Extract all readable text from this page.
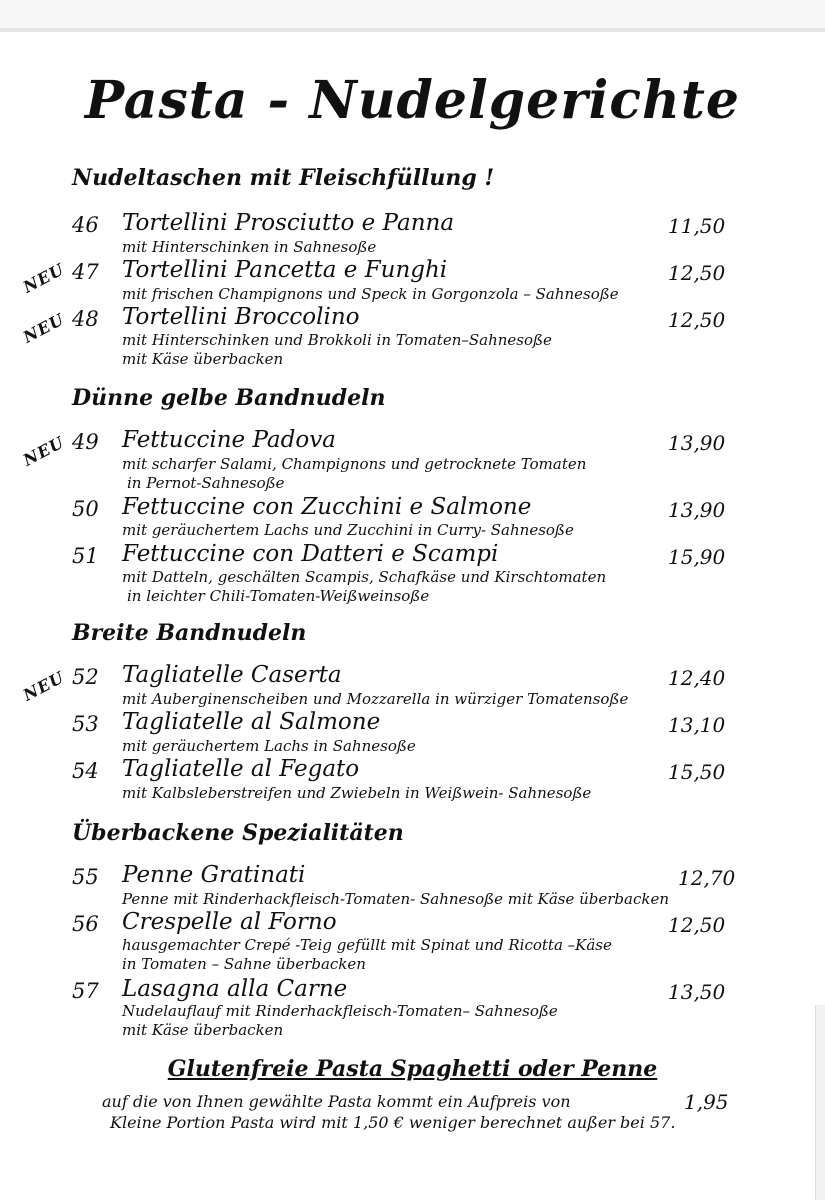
Pasta - Nudelgerichte
Nudeltaschen mit Fleischfüllung !
46 Tortellini Prosciutto e Panna	11,50
mit Hinterschinken in Sahnesoße
NEU 47 Tortellini Pancetta e Funghi	12,50
mit frischen Champignons und Speck in Gorgonzola – Sahnesoße
NEU 48 Tortellini Broccolino	12,50
mit Hinterschinken und Brokkoli in Tomaten–Sahnesoße
mit Käse überbacken
Dünne gelbe Bandnudeln
NEU 49 Fettuccine Padova	13,90
mit scharfer Salami, Champignons und getrocknete Tomaten
in Pernot-Sahnesoße
50 Fettuccine con Zucchini e Salmone	13,90
mit geräuchertem Lachs und Zucchini in Curry- Sahnesoße
51 Fettuccine con Datteri e Scampi	15,90
mit Datteln, geschälten Scampis, Schafkäse und Kirschtomaten
in leichter Chili-Tomaten-Weißweinsoße
Breite Bandnudeln
NEU 52 Tagliatelle Caserta	12,40
mit Auberginenscheiben und Mozzarella in würziger Tomatensoße
53 Tagliatelle al Salmone	13,10
mit geräuchertem Lachs in Sahnesoße
54 Tagliatelle al Fegato	15,50
mit Kalbsleberstreifen und Zwiebeln in Weißwein- Sahnesoße
Überbackene Spezialitäten
55 Penne Gratinati	12,70
Penne mit Rinderhackfleisch-Tomaten- Sahnesoße mit Käse überbacken
56 Crespelle al Forno	12,50
hausgemachter Crepé -Teig gefüllt mit Spinat und Ricotta –Käse
in Tomaten – Sahne überbacken
57 Lasagna alla Carne	13,50
Nudelauflauf mit Rinderhackfleisch-Tomaten– Sahnesoße
mit Käse überbacken
Glutenfreie Pasta Spaghetti oder Penne
auf die von Ihnen gewählte Pasta kommt ein Aufpreis von	1,95
Kleine Portion Pasta wird mit 1,50 € weniger berechnet außer bei 57.
